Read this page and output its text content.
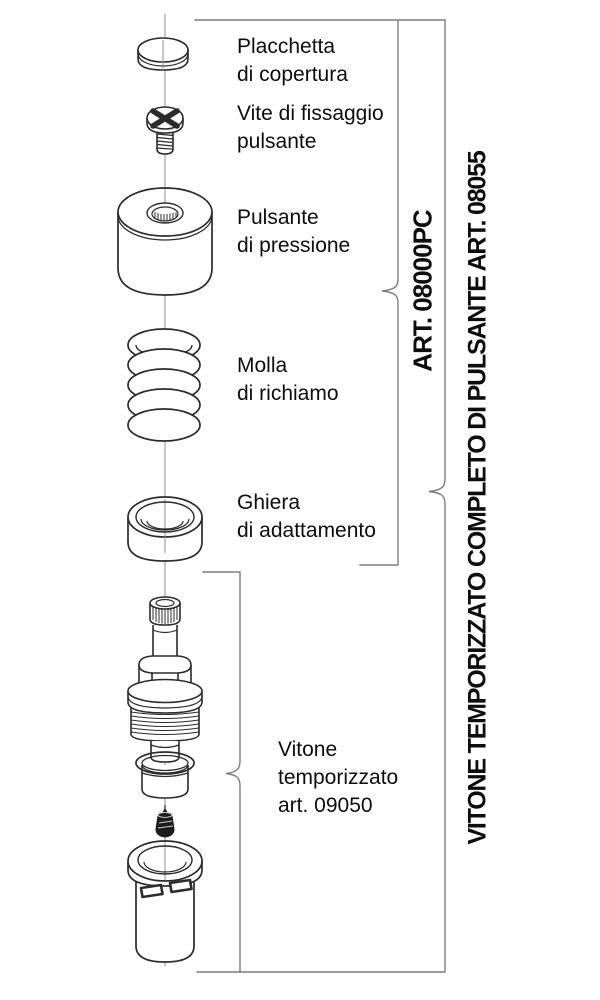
Placchetta
di copertura
Vite di fissaggio
pulsante
Pulsante
di pressione
Molla
di richiamo
Ghiera
di adattamento
Vitone
temporizzato
art. 09050
ART. 08000PC VITONE TEMPORIZZATO COMPLETO DI PULSANTE ART. 08055
